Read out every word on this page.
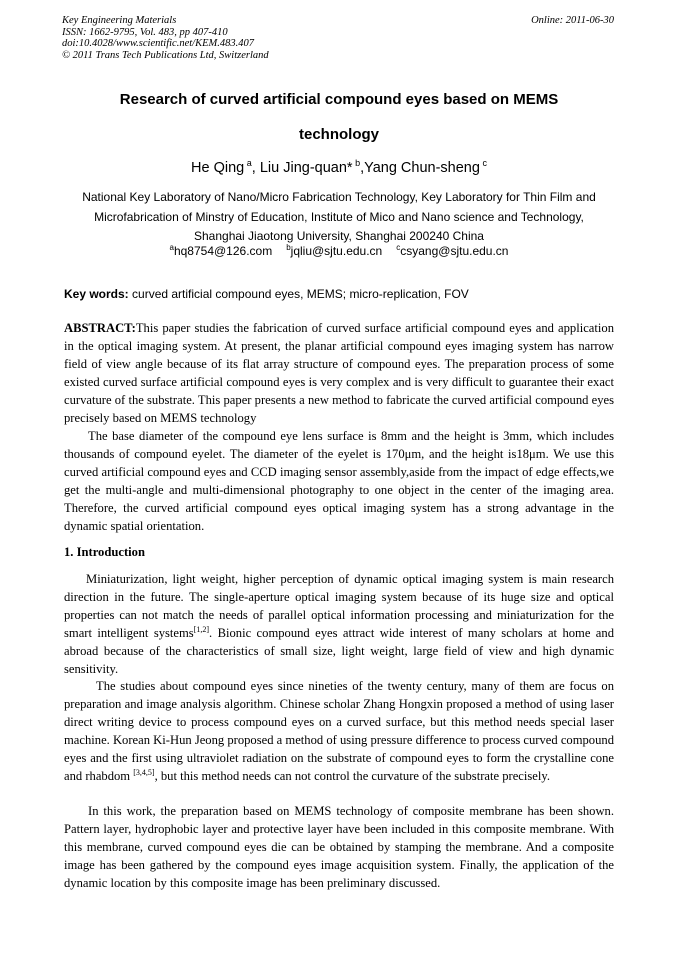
Key Engineering Materials
ISSN: 1662-9795, Vol. 483, pp 407-410
doi:10.4028/www.scientific.net/KEM.483.407
© 2011 Trans Tech Publications Ltd, Switzerland
Online: 2011-06-30
Research of curved artificial compound eyes based on MEMS
technology
He Qing $^a$, Liu Jing-quan* $^b$,Yang Chun-sheng $^c$
National Key Laboratory of Nano/Micro Fabrication Technology, Key Laboratory for Thin Film and
Microfabrication of Minstry of Education, Institute of Mico and Nano science and Technology,
Shanghai Jiaotong University, Shanghai 200240 China
$^a$hq8754@126.com $^b$jqliu@sjtu.edu.cn $^c$csyang@sjtu.edu.cn
Key words: curved artificial compound eyes, MEMS; micro-replication, FOV

ABSTRACT:This paper studies the fabrication of curved surface artificial compound eyes and application in the optical imaging system. At present, the planar artificial compound eyes imaging system has narrow field of view angle because of its flat array structure of compound eyes. The preparation process of some existed curved surface artificial compound eyes is very complex and is very difficult to guarantee their exact curvature of the substrate. This paper presents a new method to fabricate the curved artificial compound eyes precisely based on MEMS technology

The base diameter of the compound eye lens surface is 8mm and the height is 3mm, which includes thousands of compound eyelet. The diameter of the eyelet is 170μm, and the height is18μm. We use this curved artificial compound eyes and CCD imaging sensor assembly,aside from the impact of edge effects,we get the multi-angle and multi-dimensional photography to one object in the center of the imaging area. Therefore, the curved artificial compound eyes optical imaging system has a strong advantage in the dynamic spatial orientation.

1. Introduction

Miniaturization, light weight, higher perception of dynamic optical imaging system is main research direction in the future. The single-aperture optical imaging system because of its huge size and optical properties can not match the needs of parallel optical information processing and miniaturization for the smart intelligent systems[1,2]. Bionic compound eyes attract wide interest of many scholars at home and abroad because of the characteristics of small size, light weight, large field of view and high dynamic sensitivity.

The studies about compound eyes since nineties of the twenty century, many of them are focus on preparation and image analysis algorithm. Chinese scholar Zhang Hongxin proposed a method of using laser direct writing device to process compound eyes on a curved surface, but this method needs special laser machine. Korean Ki-Hun Jeong proposed a method of using pressure difference to process curved compound eyes and the first using ultraviolet radiation on the substrate of compound eyes to form the crystalline cone and rhabdom [3,4,5], but this method needs can not control the curvature of the substrate precisely.

In this work, the preparation based on MEMS technology of composite membrane has been shown. Pattern layer, hydrophobic layer and protective layer have been included in this composite membrane. With this membrane, curved compound eyes die can be obtained by stamping the membrane. And a composite image has been gathered by the compound eyes image acquisition system. Finally, the application of the dynamic location by this composite image has been preliminary discussed.
